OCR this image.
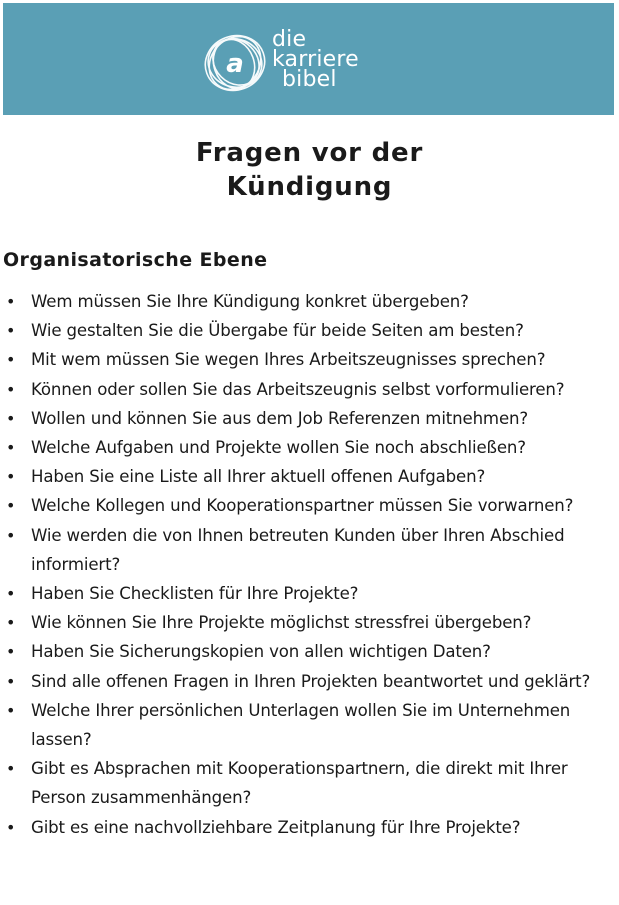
a
die
karriere
bibel
Fragen vor der
Kündigung
Organisatorische Ebene
• Wem müssen Sie Ihre Kündigung konkret übergeben?
• Wie gestalten Sie die Übergabe für beide Seiten am besten?
• Mit wem müssen Sie wegen Ihres Arbeitszeugnisses sprechen?
• Können oder sollen Sie das Arbeitszeugnis selbst vorformulieren?
• Wollen und können Sie aus dem Job Referenzen mitnehmen?
• Welche Aufgaben und Projekte wollen Sie noch abschließen?
• Haben Sie eine Liste all Ihrer aktuell offenen Aufgaben?
• Welche Kollegen und Kooperationspartner müssen Sie vorwarnen?
• Wie werden die von Ihnen betreuten Kunden über Ihren Abschied informiert?
• Haben Sie Checklisten für Ihre Projekte?
• Wie können Sie Ihre Projekte möglichst stressfrei übergeben?
• Haben Sie Sicherungskopien von allen wichtigen Daten?
• Sind alle offenen Fragen in Ihren Projekten beantwortet und geklärt?
• Welche Ihrer persönlichen Unterlagen wollen Sie im Unternehmen lassen?
• Gibt es Absprachen mit Kooperationspartnern, die direkt mit Ihrer Person zusammenhängen?
• Gibt es eine nachvollziehbare Zeitplanung für Ihre Projekte?
